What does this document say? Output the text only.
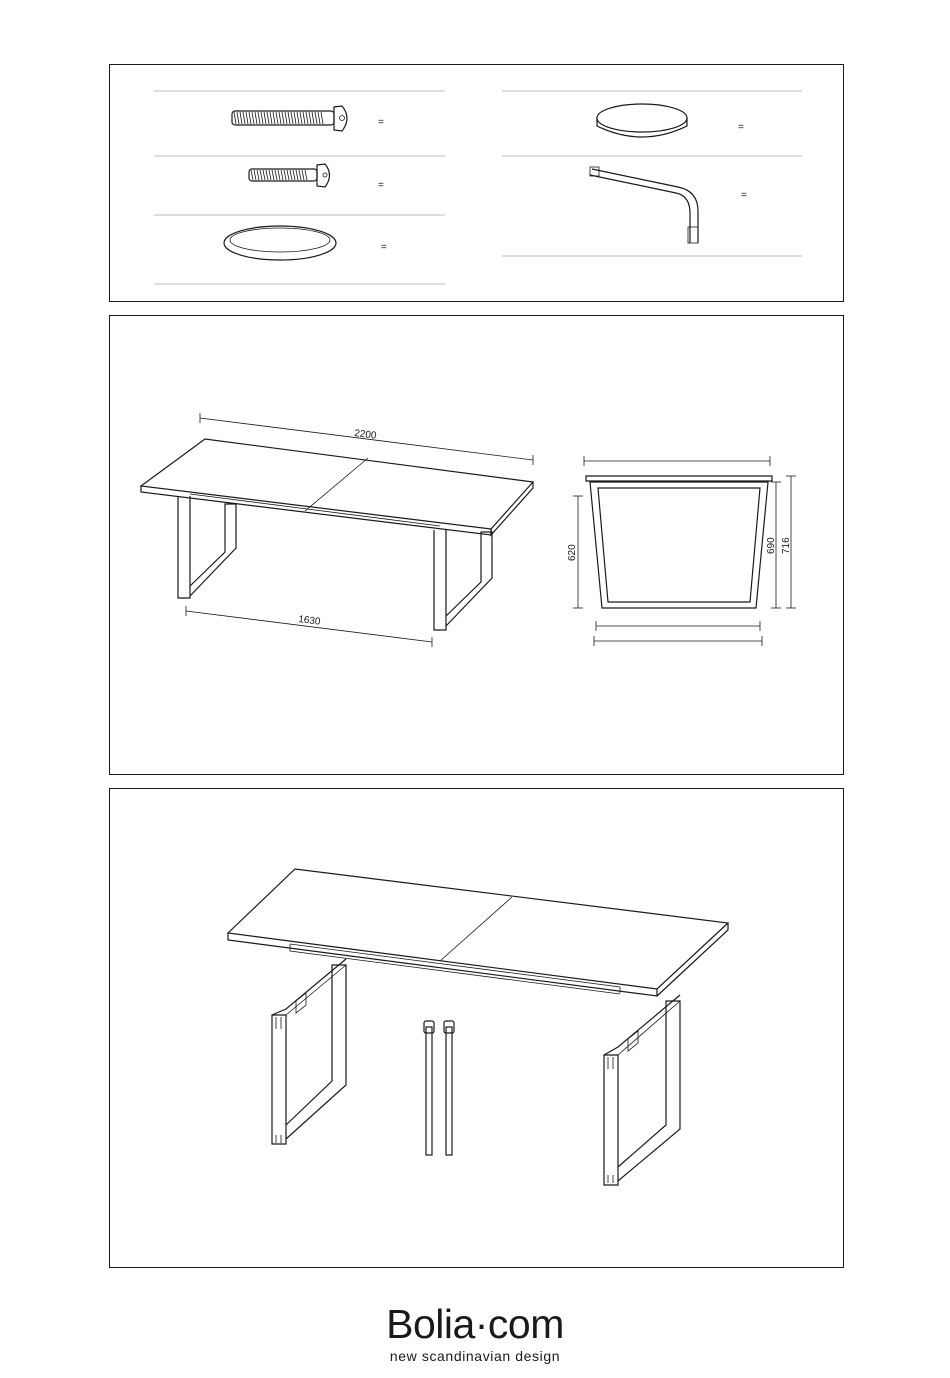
=
=
=
=
=
2200
1630
620	690 716
Bolia·com
new scandinavian design
